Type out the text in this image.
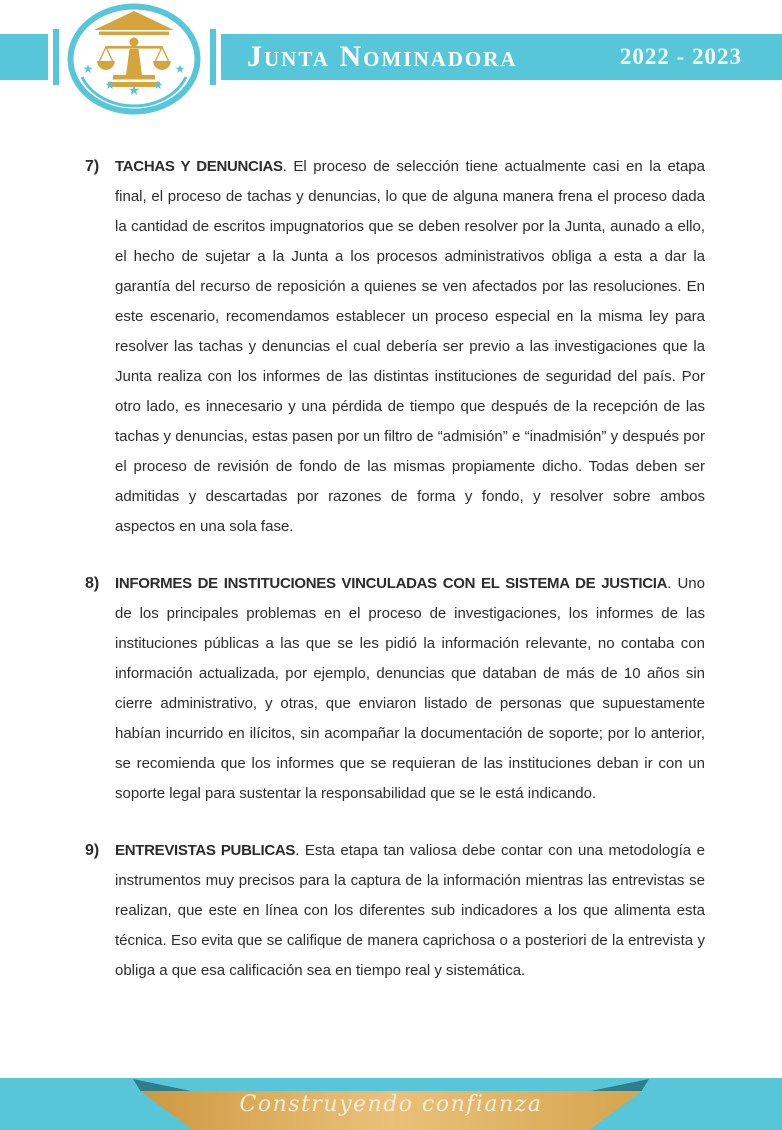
★
★ ★ ★
★ Junta Nominadora	2022 - 2023
7)	TACHAS Y DENUNCIAS. El proceso de selección tiene actualmente casi en la etapa final, el proceso de tachas y denuncias, lo que de alguna manera frena el proceso dada la cantidad de escritos impugnatorios que se deben resolver por la Junta, aunado a ello, el hecho de sujetar a la Junta a los procesos administrativos obliga a esta a dar la garantía del recurso de reposición a quienes se ven afectados por las resoluciones. En este escenario, recomendamos establecer un proceso especial en la misma ley para resolver las tachas y denuncias el cual debería ser previo a las investigaciones que la Junta realiza con los informes de las distintas instituciones de seguridad del país. Por otro lado, es innecesario y una pérdida de tiempo que después de la recepción de las tachas y denuncias, estas pasen por un filtro de “admisión” e “inadmisión” y después por el proceso de revisión de fondo de las mismas propiamente dicho. Todas deben ser admitidas y descartadas por razones de forma y fondo, y resolver sobre ambos aspectos en una sola fase.

8)	INFORMES DE INSTITUCIONES VINCULADAS CON EL SISTEMA DE JUSTICIA. Uno de los principales problemas en el proceso de investigaciones, los informes de las instituciones públicas a las que se les pidió la información relevante, no contaba con información actualizada, por ejemplo, denuncias que databan de más de 10 años sin cierre administrativo, y otras, que enviaron listado de personas que supuestamente habían incurrido en ilícitos, sin acompañar la documentación de soporte; por lo anterior, se recomienda que los informes que se requieran de las instituciones deban ir con un soporte legal para sustentar la responsabilidad que se le está indicando.

9)	ENTREVISTAS PUBLICAS. Esta etapa tan valiosa debe contar con una metodología e instrumentos muy precisos para la captura de la información mientras las entrevistas se realizan, que este en línea con los diferentes sub indicadores a los que alimenta esta técnica. Eso evita que se califique de manera caprichosa o a posteriori de la entrevista y obliga a que esa calificación sea en tiempo real y sistemática.

Construyendo confianza
